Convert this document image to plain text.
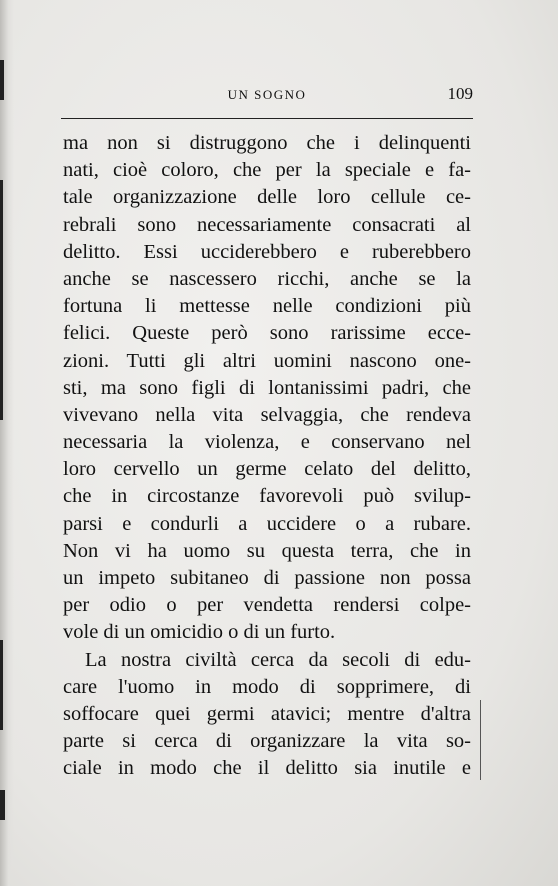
UN SOGNO	109
ma non si distruggono che i delinquenti
nati, cioè coloro, che per la speciale e fa-
tale organizzazione delle loro cellule ce-
rebrali sono necessariamente consacrati al
delitto. Essi ucciderebbero e ruberebbero
anche se nascessero ricchi, anche se la
fortuna li mettesse nelle condizioni più
felici. Queste però sono rarissime ecce-
zioni. Tutti gli altri uomini nascono one-
sti, ma sono figli di lontanissimi padri, che
vivevano nella vita selvaggia, che rendeva
necessaria la violenza, e conservano nel
loro cervello un germe celato del delitto,
che in circostanze favorevoli può svilup-
parsi e condurli a uccidere o a rubare.
Non vi ha uomo su questa terra, che in
un impeto subitaneo di passione non possa
per odio o per vendetta rendersi colpe-
vole di un omicidio o di un furto.
La nostra civiltà cerca da secoli di edu-
care l'uomo in modo di sopprimere, di
soffocare quei germi atavici; mentre d'altra
parte si cerca di organizzare la vita so-
ciale in modo che il delitto sia inutile e
